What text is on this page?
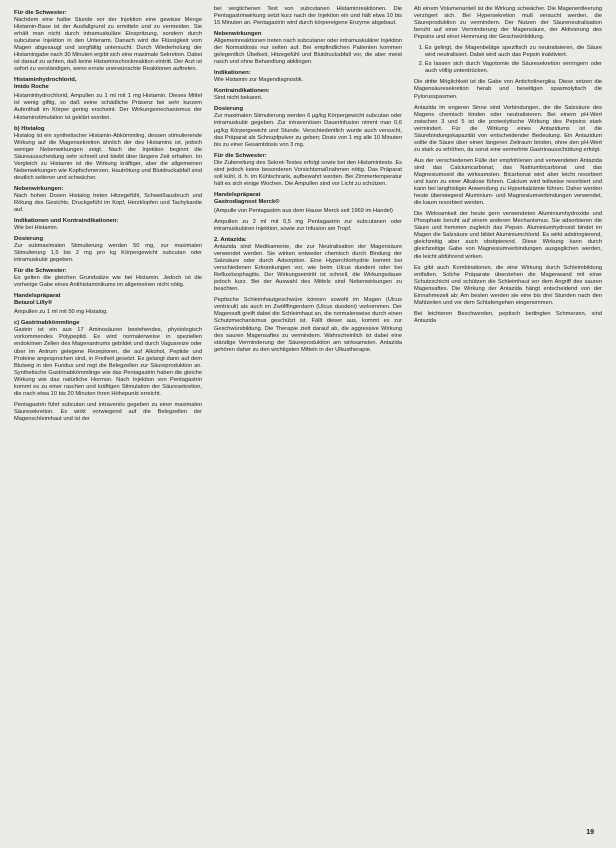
Für die Schwester:

Nachdem eine halbe Stunde vor der Injektion eine gewisse Menge Histamin-Base ist der Ausfallgrund zu ermitteln und zu vermeiden. Sie erhält man nicht durch intramuskuläre Einspritzung, sondern durch subcutane Injektion in den Unterarm. Danach wird die Flüssigkeit vom Magen abgesaugt und sorgfältig untersucht. Durch Wiederholung der Histamingabe nach 30 Minuten ergibt sich eine maximale Sekretion. Dabei ist darauf zu achten, daß keine Histaminschockreaktion eintritt. Der Arzt ist sofort zu verständigen, wenn ernste unerwünschte Reaktionen auftreten.

Histaminhydrochlorid,
Imido Roche

Histaminhydrochlorid, Ampullen zu 1 ml mit 1 mg Histamin. Dieses Mittel ist wenig giftig, so daß seine schädliche Präsenz bei sehr kurzem Aufenthalt im Körper gering erscheint. Der Wirkungsmechanismus der Histaminstimulation ist geklärt worden.

b) Histalog

Histalog ist ein synthetischer Histamin-Abkömmling, dessen stimulierende Wirkung auf die Magensekretion ähnlich der des Histamins ist, jedoch weniger Nebenwirkungen zeigt. Nach der Injektion beginnt die Säureausscheidung sehr schnell und bleibt über längere Zeit erhalten. Im Vergleich zu Histamin ist die Wirkung kräftiger, aber die allgemeinen Nebenwirkungen wie Kopfschmerzen, Hautrötung und Blutdruckabfall sind deutlich seltener und schwächer.

Nebenwirkungen:

Nach hohen Dosen Histalog treten Hitzegefühl, Schweißausbruch und Rötung des Gesichts, Druckgefühl im Kopf, Herzklopfen und Tachykardie auf.

Indikationen und Kontraindikationen:

Wie bei Histamin.

Dosierung

Zur submaximalen Stimulierung werden 50 mg, zur maximalen Stimulierung 1,5 bis 2 mg pro kg Körpergewicht subcutan oder intramuskulär gegeben.

Für die Schwester:

Es gelten die gleichen Grundsätze wie bei Histamin. Jedoch ist die vorherige Gabe eines Antihistaminikums im allgemeinen nicht nötig.

Handelspräparat
Betazol Lilly®

Ampullen zu 1 ml mit 50 mg Histalog.

c) Gastrinabkömmlinge

Gastrin ist ein aus 17 Aminosäuren bestehendes, physiologisch vorkommendes Polypeptid. Es wird normalerweise in speziellen endokrinen Zellen des Magenantrums gebildet und durch Vagusreize oder über im Antrum gelegene Rezeptoren, die auf Alkohol, Peptide und Proteine angesprochen sind, in Freiheit gesetzt. Es gelangt dann auf dem Blutweg in den Fundus und regt die Belegzellen zur Säureproduktion an. Synthetische Gastrinabkömmlinge wie das Pentagastrin haben die gleiche Wirkung wie das natürliche Hormon. Nach Injektion von Pentagastrin kommt es zu einer raschen und kräftigen Stimulation der Säuresekretion, die nach etwa 10 bis 20 Minuten ihren Höhepunkt erreicht.

Pentagastrin führt subcutan und intravenös gegeben zu einer maximalen Säuresekretion. Es wirkt vorwiegend auf die Belegzellen der Magenschleimhaut und ist der

bei verglichenen Test von subcutanen Histaminreaktionen. Die Pentagastrinwirkung setzt kurz nach der Injektion ein und hält etwa 10 bis 15 Minuten an. Pentagastrin wird durch körpereigene Enzyme abgebaut.

Nebenwirkungen

Allgemeinreaktionen treten nach subcutaner oder intramuskulärer Injektion der Normaldosis nur selten auf. Bei empfindlichen Patienten kommen gelegentlich Übelkeit, Hitzegefühl und Blutdruckabfall vor, die aber meist rasch und ohne Behandlung abklingen.

Indikationen:

Wie Histamin zur Magendiagnostik.

Kontraindikationen:

Sind nicht bekannt.

Dosierung

Zur maximalen Stimulierung werden 6 µg/kg Körpergewicht subcutan oder intramuskulär gegeben. Zur intravenösen Dauerinfusion nimmt man 0,6 µg/kg Körpergewicht und Stunde. Verschiedentlich wurde auch versucht, das Präparat als Schnupfpulver zu geben; Dosis von 1 mg alle 10 Minuten bis zu einer Gesamtdosis von 3 mg.

Für die Schwester:

Die Zubereitung des Sekret-Testes erfolgt sowie bei den Histamintests. Es sind jedoch keine besonderen Vorsichtsmaßnahmen nötig. Das Präparat soll kühl, d. h. im Kühlschrank, aufbewahrt werden. Bei Zimmertemperatur hält es sich einige Wochen. Die Ampullen sind vor Licht zu schützen.

Handelspräparat
Gastrodiagnost Merck®

(Ampulle von Pentagastrin aus dem Hause Merck seit 1969 im Handel)

Ampullen zu 2 ml mit 0,5 mg Pentagastrin zur subcutanen oder intramuskulären Injektion, sowie zur Infusion am Tropf.

2. Antazida:

Antazida sind Medikamente, die zur Neutralisation der Magensäure verwendet werden. Sie wirken entweder chemisch durch Bindung der Salzsäure oder durch Adsorption. Eine Hyperchlorhydrie kommt bei verschiedenen Erkrankungen vor, wie beim Ulcus duodeni oder bei Refluxösophagitis. Der Wirkungseintritt ist schnell, die Wirkungsdauer jedoch kurz. Bei der Auswahl des Mittels sind Nebenwirkungen zu beachten.

Peptische Schleimhautgeschwüre können sowohl im Magen (Ulcus ventriculi) als auch im Zwölffingerdarm (Ulcus duodeni) vorkommen. Der Magensaft greift dabei die Schleimhaut an, die normalerweise durch einen Schutzmechanismus geschützt ist. Fällt dieser aus, kommt es zur Geschwürsbildung. Die Therapie zielt darauf ab, die aggressive Wirkung des sauren Magensaftes zu vermindern. Wahrscheinlich ist dabei eine ständige Verminderung der Säureproduktion am wirksamsten. Antazida gehören daher zu den wichtigsten Mitteln in der Ulkustherapie.

Ab einem Volumenanteil ist die Wirkung schwächer. Die Magenentleerung verzögert sich. Bei Hypersekretion muß versucht werden, die Säureproduktion zu vermindern. Der Nutzen der Säureneutralisation beruht auf einer Verminderung der Magensäure, der Aktivierung des Pepsins und einer Hemmung der Geschwürbildung.

1. Es gelingt, die Magenbeläge spezifisch zu neutralisieren, die Säure wird neutralisiert. Dabei wird auch das Pepsin inaktiviert.
2. Es lassen sich durch Vagotomie die Säuresekretion verringern oder auch völlig unterdrücken.

Die dritte Möglichkeit ist die Gabe von Anticholinergika. Diese setzen die Magensäuresekretion herab und beseitigen spasmolytisch die Pylorusspasmen.

Antazida im engeren Sinne sind Verbindungen, die die Salzsäure des Magens chemisch binden oder neutralisieren. Bei einem pH-Wert zwischen 3 und 5 ist die proteolytische Wirkung des Pepsins stark vermindert. Für die Wirkung eines Antazidums ist die Säurebindungskapazität von entscheidender Bedeutung. Ein Antazidum sollte die Säure über einen längeren Zeitraum binden, ohne den pH-Wert zu stark zu erhöhen, da sonst eine vermehrte Gastrinausschüttung erfolgt.

Aus der verschiedenen Fülle der empfohlenen und verwendeten Antazida sind das Calciumcarbonat, das Natriumbicarbonat und das Magnesiumoxid die wirksamsten. Bicarbonat wird aber leicht resorbiert und kann zu einer Alkalose führen. Calcium wird teilweise resorbiert und kann bei langfristiger Anwendung zu Hyperkalzämie führen. Daher werden heute überwiegend Aluminium- und Magnesiumverbindungen verwendet, die kaum resorbiert werden.

Die Wirksamkeit der heute gern verwendeten Aluminiumhydroxide und Phosphate beruht auf einem anderen Mechanismus. Sie adsorbieren die Säure und hemmen zugleich das Pepsin. Aluminiumhydroxid bindet im Magen die Salzsäure und bildet Aluminiumchlorid. Es wirkt adstringierend, gleichzeitig aber auch obstipierend. Diese Wirkung kann durch gleichzeitige Gabe von Magnesiumverbindungen ausgeglichen werden, die leicht abführend wirken.

Es gibt auch Kombinationen, die eine Wirkung durch Schleimbildung entfalten. Solche Präparate überziehen die Magenwand mit einer Schutzschicht und schützen die Schleimhaut vor dem Angriff des sauren Magensaftes. Die Wirkung der Antazida hängt entscheidend von der Einnahmezeit ab: Am besten werden sie eine bis drei Stunden nach den Mahlzeiten und vor dem Schlafengehen eingenommen.

Bei leichteren Beschwerden, peptisch bedingten Schmerzen, sind Antazida

19
